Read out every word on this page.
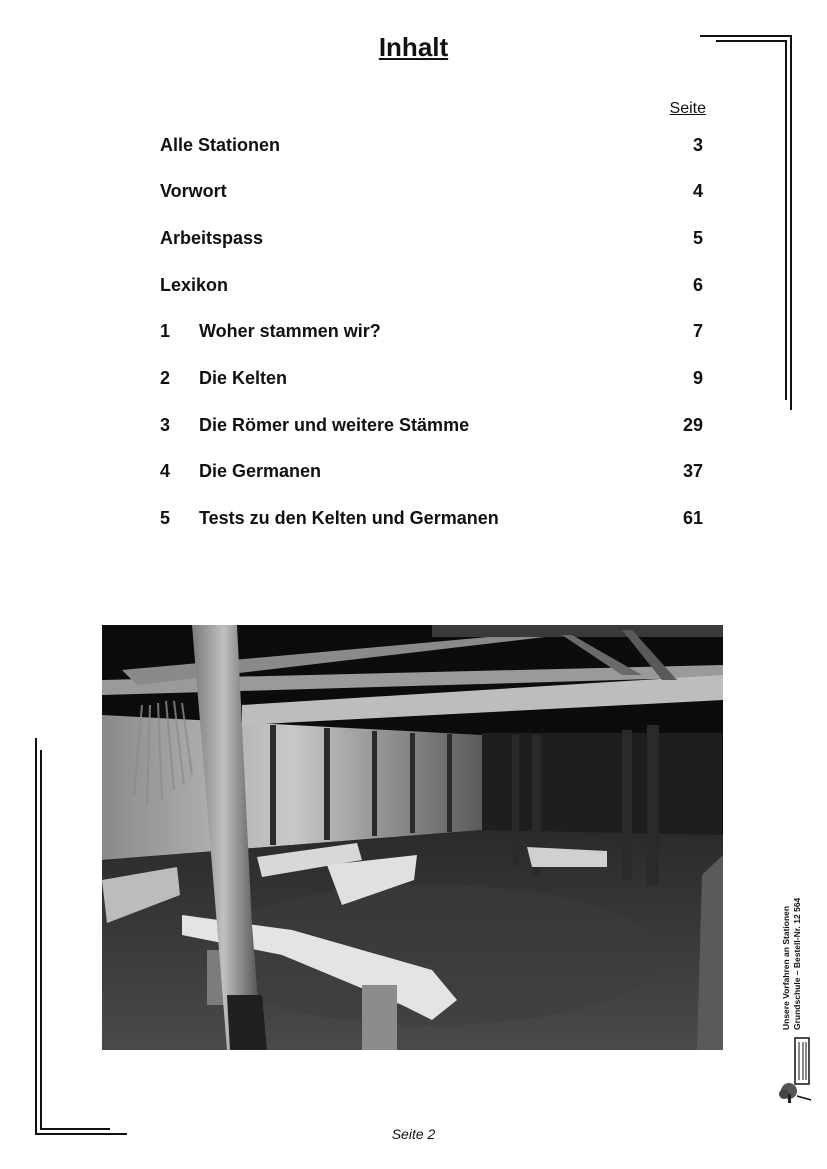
Inhalt
Seite
Alle Stationen	3
Vorwort	4
Arbeitspass	5
Lexikon	6
1 Woher stammen wir?	7
2 Die Kelten	9
3 Die Römer und weitere Stämme	29
4 Die Germanen	37
5 Tests zu den Kelten und Germanen	61
Unsere Vorfahren an Stationen Grundschule – Bestell-Nr. 12 564
Seite 2
